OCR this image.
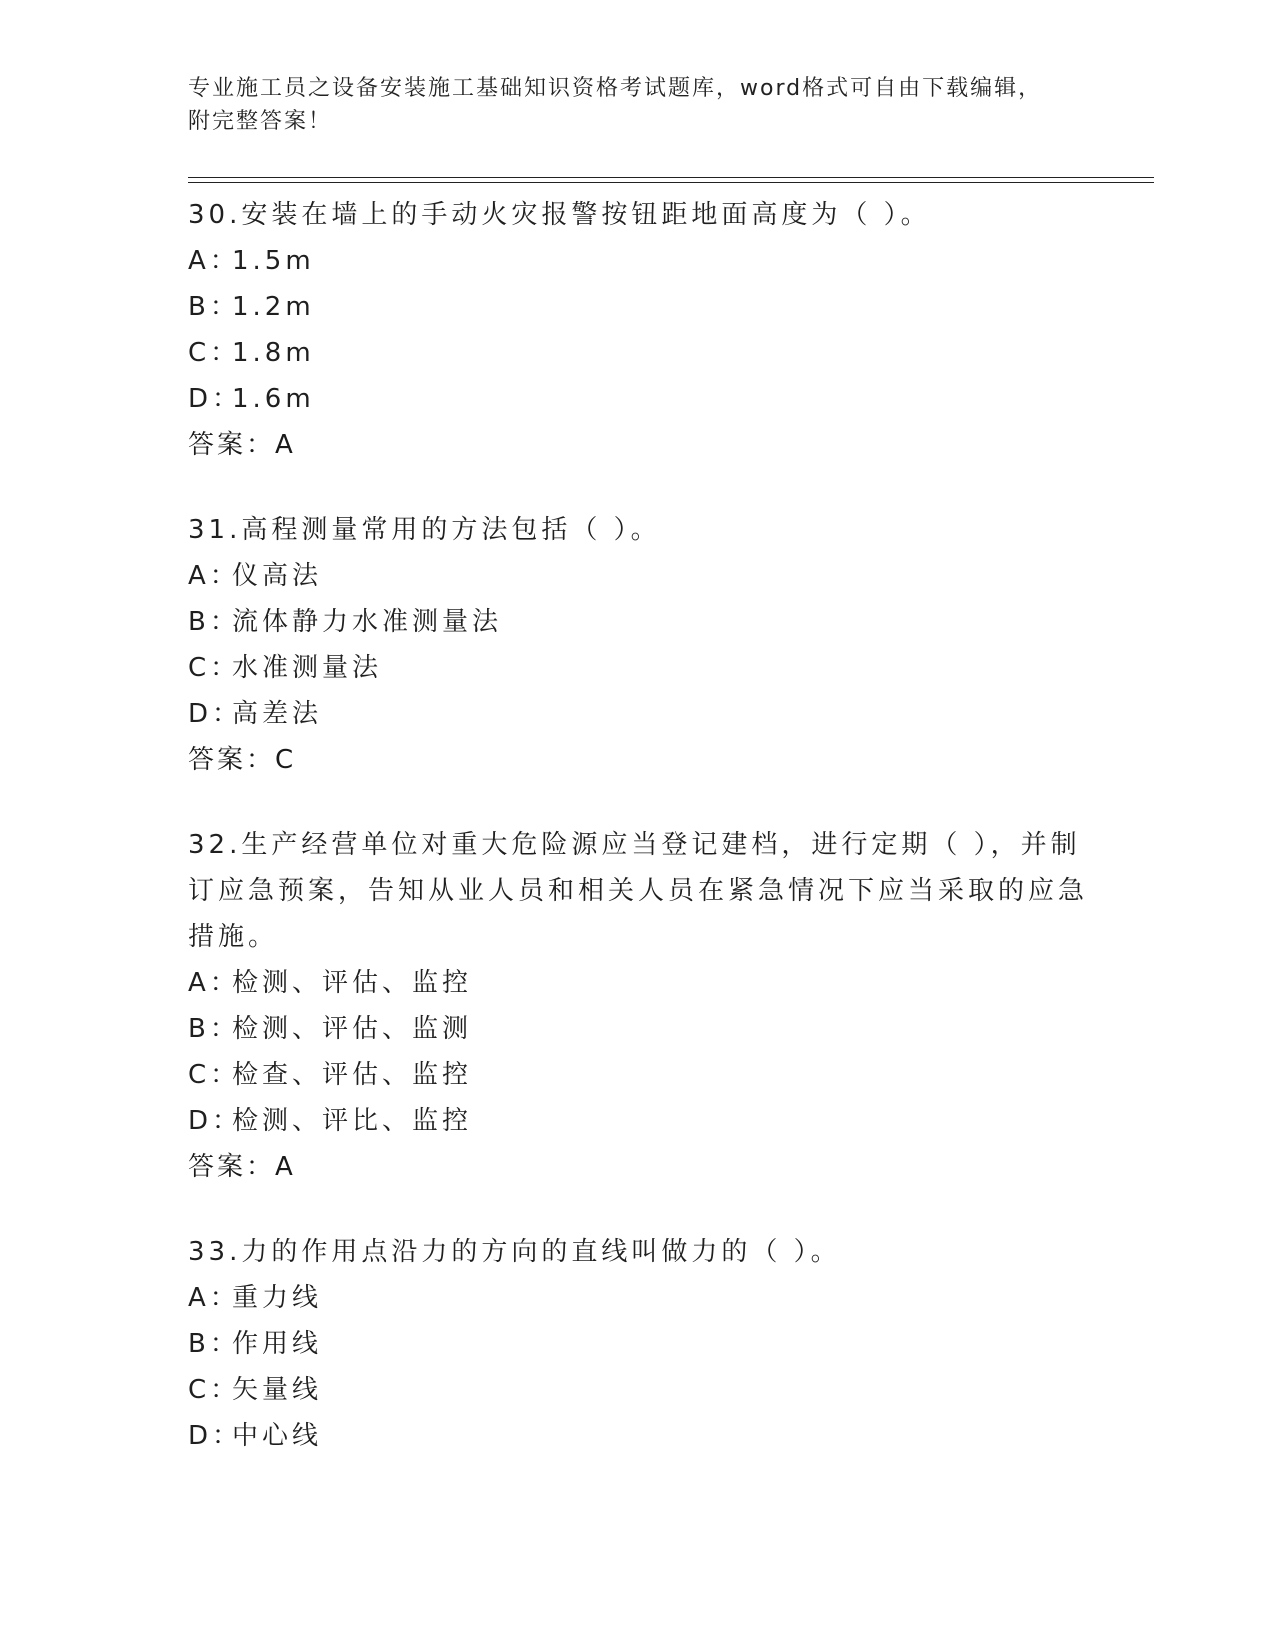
专业施工员之设备安装施工基础知识资格考试题库，word格式可自由下载编辑，
附完整答案！

30.安装在墙上的手动火灾报警按钮距地面高度为（ ）。

A：1.5m

B：1.2m

C：1.8m

D：1.6m

答案：A

31.高程测量常用的方法包括（ ）。

A：仪高法

B：流体静力水准测量法

C：水准测量法

D：高差法

答案：C

32.生产经营单位对重大危险源应当登记建档，进行定期（ ），并制订应急预案，告知从业人员和相关人员在紧急情况下应当采取的应急措施。

A：检测、评估、监控

B：检测、评估、监测

C：检查、评估、监控

D：检测、评比、监控

答案：A

33.力的作用点沿力的方向的直线叫做力的（ ）。

A：重力线

B：作用线

C：矢量线

D：中心线
